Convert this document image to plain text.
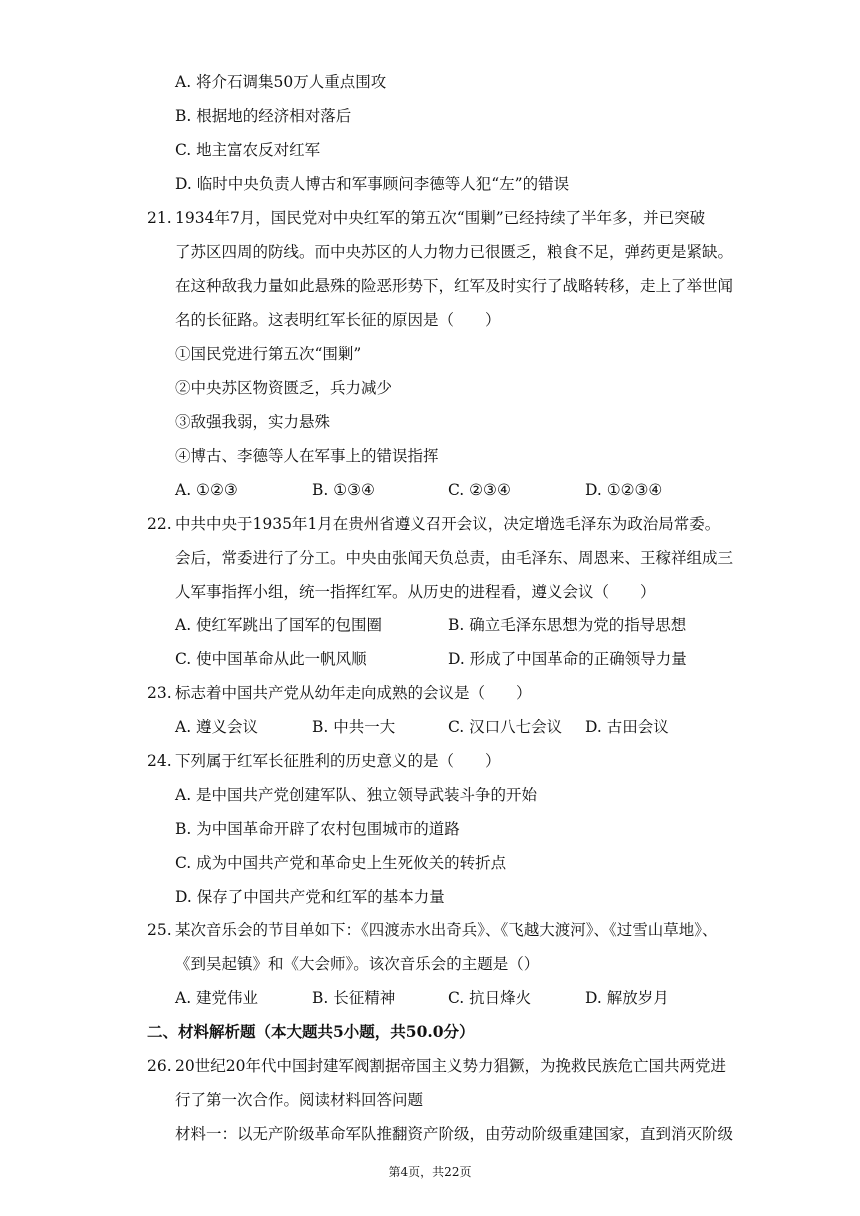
A. 将介石调集50万人重点围攻
B. 根据地的经济相对落后
C. 地主富农反对红军
D. 临时中央负责人博古和军事顾问李德等人犯“左”的错误
21. 1934年7月，国民党对中央红军的第五次“围剿”已经持续了半年多，并已突破
了苏区四周的防线。而中央苏区的人力物力已很匮乏，粮食不足，弹药更是紧缺。
在这种敌我力量如此悬殊的险恶形势下，红军及时实行了战略转移，走上了举世闻
名的长征路。这表明红军长征的原因是（　　）
①国民党进行第五次“围剿”
②中央苏区物资匮乏，兵力减少
③敌强我弱，实力悬殊
④博古、李德等人在军事上的错误指挥
A. ①②③	B. ①③④	C. ②③④	D. ①②③④
22. 中共中央于1935年1月在贵州省遵义召开会议，决定增选毛泽东为政治局常委。
会后，常委进行了分工。中央由张闻天负总责，由毛泽东、周恩来、王稼祥组成三
人军事指挥小组，统一指挥红军。从历史的进程看，遵义会议（　　）
A. 使红军跳出了国军的包围圈	B. 确立毛泽东思想为党的指导思想
C. 使中国革命从此一帆风顺	D. 形成了中国革命的正确领导力量
23. 标志着中国共产党从幼年走向成熟的会议是（　　）
A. 遵义会议	B. 中共一大	C. 汉口八七会议 D. 古田会议
24. 下列属于红军长征胜利的历史意义的是（　　）
A. 是中国共产党创建军队、独立领导武装斗争的开始
B. 为中国革命开辟了农村包围城市的道路
C. 成为中国共产党和革命史上生死攸关的转折点
D. 保存了中国共产党和红军的基本力量
25. 某次音乐会的节目单如下：《四渡赤水出奇兵》、《飞越大渡河》、《过雪山草地》、
《到吴起镇》和《大会师》。该次音乐会的主题是（）
A. 建党伟业	B. 长征精神	C. 抗日烽火	D. 解放岁月
二、材料解析题（本大题共5小题，共50.0分）
26. 20世纪20年代中国封建军阀割据帝国主义势力猖獗，为挽救民族危亡国共两党进
行了第一次合作。阅读材料回答问题
材料一：以无产阶级革命军队推翻资产阶级，由劳动阶级重建国家，直到消灭阶级
第4页，共22页
